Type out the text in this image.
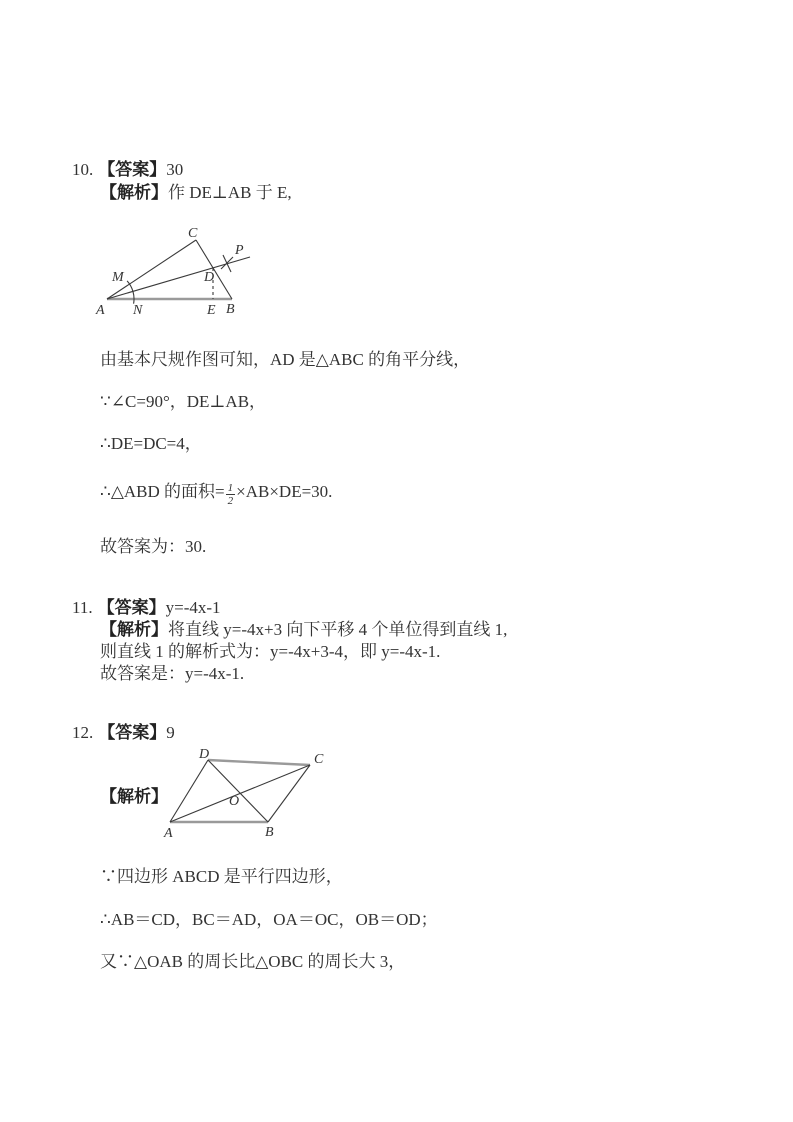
10. 【答案】30
【解析】作 DE⊥AB 于 E,
C
P
M	D
A N	E B
由基本尺规作图可知，AD 是△ABC 的角平分线，
∵∠C=90°，DE⊥AB，
∴DE=DC=4，
∴△ABD 的面积= $\frac{1}{2} \times AB\times DE=30$.
故答案为：30.
11. 【答案】y=-4x-1
【解析】将直线 y=-4x+3 向下平移 4 个单位得到直线 1,
则直线 1 的解析式为：y=-4x+3-4，即 y=-4x-1.
故答案是：y=-4x-1.
12. 【答案】9
【解析】
D	C
O
A	B
∵四边形 ABCD 是平行四边形，
∴AB＝CD，BC＝AD，OA＝OC，OB＝OD；
又∵△OAB 的周长比△OBC 的周长大 3，
